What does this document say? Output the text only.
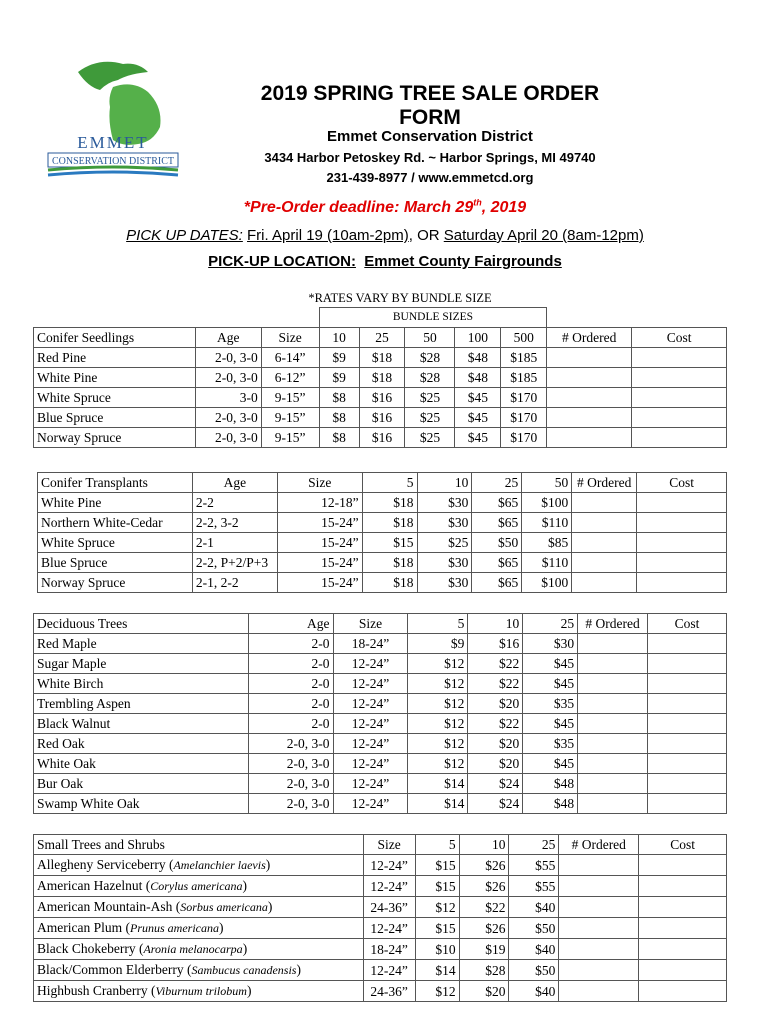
EMMET
CONSERVATION DISTRICT
2019 SPRING TREE SALE ORDER FORM
Emmet Conservation District
3434 Harbor Petoskey Rd. ~ Harbor Springs, MI 49740
231-439-8977 / www.emmetcd.org
*Pre-Order deadline: March 29th, 2019
PICK UP DATES: Fri. April 19 (10am-2pm), OR Saturday April 20 (8am-12pm)
PICK-UP LOCATION: Emmet County Fairgrounds
*RATES VARY BY BUNDLE SIZE
			BUNDLE SIZES						
Conifer Seedlings	Age	Size	10	25	50	100	500	# Ordered	Cost
Red Pine	2-0, 3-0	6-14”	$9	$18	$28	$48	$185		
White Pine	2-0, 3-0	6-12”	$9	$18	$28	$48	$185		
White Spruce	3-0	9-15”	$8	$16	$25	$45	$170		
Blue Spruce	2-0, 3-0	9-15”	$8	$16	$25	$45	$170		
Norway Spruce	2-0, 3-0	9-15”	$8	$16	$25	$45	$170		
Conifer Transplants	Age	Size	5	10	25	50	# Ordered	Cost
White Pine	2-2	12-18”	$18	$30	$65	$100		
Northern White-Cedar	2-2, 3-2	15-24”	$18	$30	$65	$110		
White Spruce	2-1	15-24”	$15	$25	$50	$85		
Blue Spruce	2-2, P+2/P+3	15-24”	$18	$30	$65	$110		
Norway Spruce	2-1, 2-2	15-24”	$18	$30	$65	$100		
Deciduous Trees	Age	Size	5	10	25	# Ordered	Cost
Red Maple	2-0	18-24”	$9	$16	$30		
Sugar Maple	2-0	12-24”	$12	$22	$45		
White Birch	2-0	12-24”	$12	$22	$45		
Trembling Aspen	2-0	12-24”	$12	$20	$35		
Black Walnut	2-0	12-24”	$12	$22	$45		
Red Oak	2-0, 3-0	12-24”	$12	$20	$35		
White Oak	2-0, 3-0	12-24”	$12	$20	$45		
Bur Oak	2-0, 3-0	12-24”	$14	$24	$48		
Swamp White Oak	2-0, 3-0	12-24”	$14	$24	$48		
Small Trees and Shrubs	Size	5	10	25	# Ordered	Cost
Allegheny Serviceberry (Amelanchier laevis)	12-24”	$15	$26	$55		
American Hazelnut (Corylus americana)	12-24”	$15	$26	$55		
American Mountain-Ash (Sorbus americana)	24-36”	$12	$22	$40		
American Plum (Prunus americana)	12-24”	$15	$26	$50		
Black Chokeberry (Aronia melanocarpa)	18-24”	$10	$19	$40		
Black/Common Elderberry (Sambucus canadensis)	12-24”	$14	$28	$50		
Highbush Cranberry (Viburnum trilobum)	24-36”	$12	$20	$40		
